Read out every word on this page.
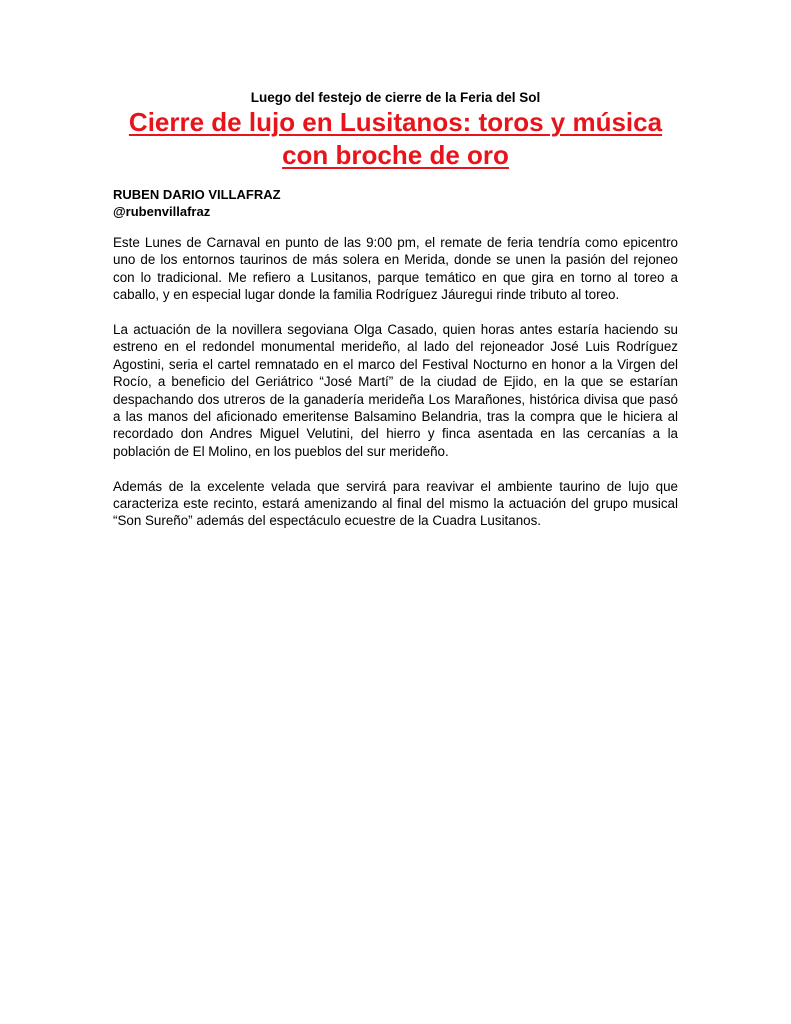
Luego del festejo de cierre de la Feria del Sol
Cierre de lujo en Lusitanos: toros y música con broche de oro
RUBEN DARIO VILLAFRAZ
@rubenvillafraz

Este Lunes de Carnaval en punto de las 9:00 pm, el remate de feria tendría como epicentro uno de los entornos taurinos de más solera en Merida, donde se unen la pasión del rejoneo con lo tradicional. Me refiero a Lusitanos, parque temático en que gira en torno al toreo a caballo, y en especial lugar donde la familia Rodríguez Jáuregui rinde tributo al toreo.

La actuación de la novillera segoviana Olga Casado, quien horas antes estaría haciendo su estreno en el redondel monumental merideño, al lado del rejoneador José Luis Rodríguez Agostini, seria el cartel remnatado en el marco del Festival Nocturno en honor a la Virgen del Rocío, a beneficio del Geriátrico “José Martí” de la ciudad de Ejido, en la que se estarían despachando dos utreros de la ganadería merideña Los Marañones, histórica divisa que pasó a las manos del aficionado emeritense Balsamino Belandria, tras la compra que le hiciera al recordado don Andres Miguel Velutini, del hierro y finca asentada en las cercanías a la población de El Molino, en los pueblos del sur merideño.

Además de la excelente velada que servirá para reavivar el ambiente taurino de lujo que caracteriza este recinto, estará amenizando al final del mismo la actuación del grupo musical “Son Sureño” además del espectáculo ecuestre de la Cuadra Lusitanos.
